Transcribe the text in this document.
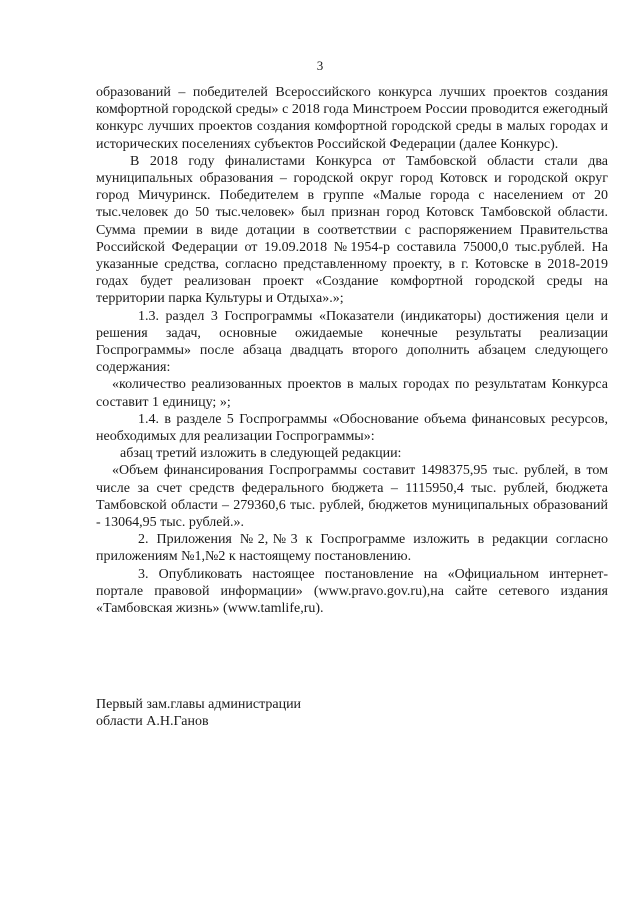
3

образований – победителей Всероссийского конкурса лучших проектов создания комфортной городской среды» с 2018 года Минстроем России проводится ежегодный конкурс лучших проектов создания комфортной городской среды в малых городах и исторических поселениях субъектов Российской Федерации (далее Конкурс).

В 2018 году финалистами Конкурса от Тамбовской области стали два муниципальных образования – городской округ город Котовск и городской округ город Мичуринск. Победителем в группе «Малые города с населением от 20 тыс.человек до 50 тыс.человек» был признан город Котовск Тамбовской области. Сумма премии в виде дотации в соответствии с распоряжением Правительства Российской Федерации от 19.09.2018 №1954-р составила 75000,0 тыс.рублей. На указанные средства, согласно представленному проекту, в г. Котовске в 2018-2019 годах будет реализован проект «Создание комфортной городской среды на территории парка Культуры и Отдыха».»;

1.3. раздел 3 Госпрограммы «Показатели (индикаторы) достижения цели и решения задач, основные ожидаемые конечные результаты реализации Госпрограммы» после абзаца двадцать второго дополнить абзацем следующего содержания:

«количество реализованных проектов в малых городах по результатам Конкурса составит 1 единицу; »;

1.4. в разделе 5 Госпрограммы «Обоснование объема финансовых ресурсов, необходимых для реализации Госпрограммы»:

абзац третий изложить в следующей редакции:

«Объем финансирования Госпрограммы составит 1498375,95 тыс. рублей, в том числе за счет средств федерального бюджета – 1115950,4 тыс. рублей, бюджета Тамбовской области – 279360,6 тыс. рублей, бюджетов муниципальных образований - 13064,95 тыс. рублей.».

2. Приложения №2,№3 к Госпрограмме изложить в редакции согласно приложениям №1,№2 к настоящему постановлению.

3. Опубликовать настоящее постановление на «Официальном интернет-портале правовой информации» (www.pravo.gov.ru),на сайте сетевого издания «Тамбовская жизнь» (www.tamlife,ru).

Первый зам.главы администрации

области А.Н.Ганов
